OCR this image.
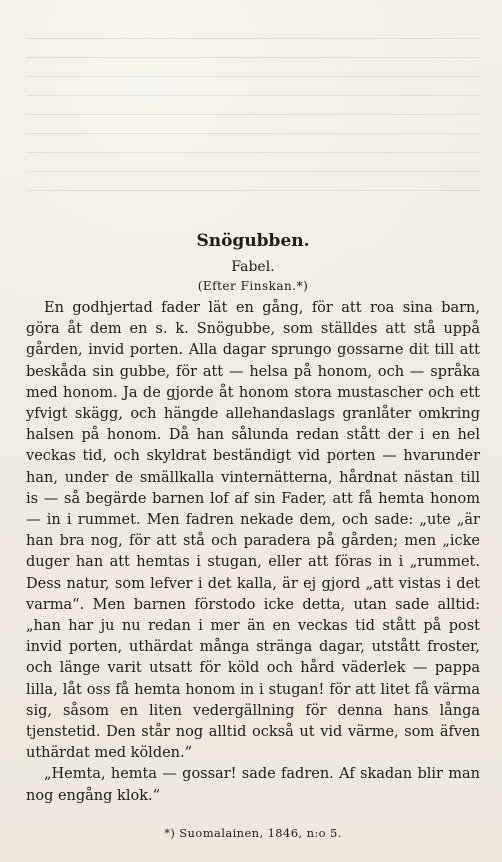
Snögubben.
Fabel.
(Efter Finskan.*)

En godhjertad fader lät en gång, för att roa sina barn, göra åt dem en s. k. Snögubbe, som ställdes att stå uppå gården, invid porten. Alla dagar sprungo gossarne dit till att beskåda sin gubbe, för att — helsa på honom, och — språka med honom. Ja de gjorde åt honom stora mustascher och ett yfvigt skägg, och hängde allehandaslags granlåter omkring halsen på honom. Då han sålunda redan stått der i en hel veckas tid, och skyldrat beständigt vid porten — hvarunder han, under de smällkalla vinternätterna, hårdnat nästan till is — så begärde barnen lof af sin Fader, att få hemta honom — in i rummet. Men fadren nekade dem, och sade: „ute „är han bra nog, för att stå och paradera på gården; men „icke duger han att hemtas i stugan, eller att föras in i „rummet. Dess natur, som lefver i det kalla, är ej gjord „att vistas i det varma“. Men barnen förstodo icke detta, utan sade alltid: „han har ju nu redan i mer än en veckas tid stått på post invid porten, uthärdat många stränga dagar, utstått froster, och länge varit utsatt för köld och hård väderlek — pappa lilla, låt oss få hemta honom in i stugan! för att litet få värma sig, såsom en liten vedergällning för denna hans långa tjenstetid. Den står nog alltid också ut vid värme, som äfven uthärdat med kölden.“

„Hemta, hemta — gossar! sade fadren. Af skadan blir man nog engång klok.“

*) Suomalainen, 1846, n:o 5.
